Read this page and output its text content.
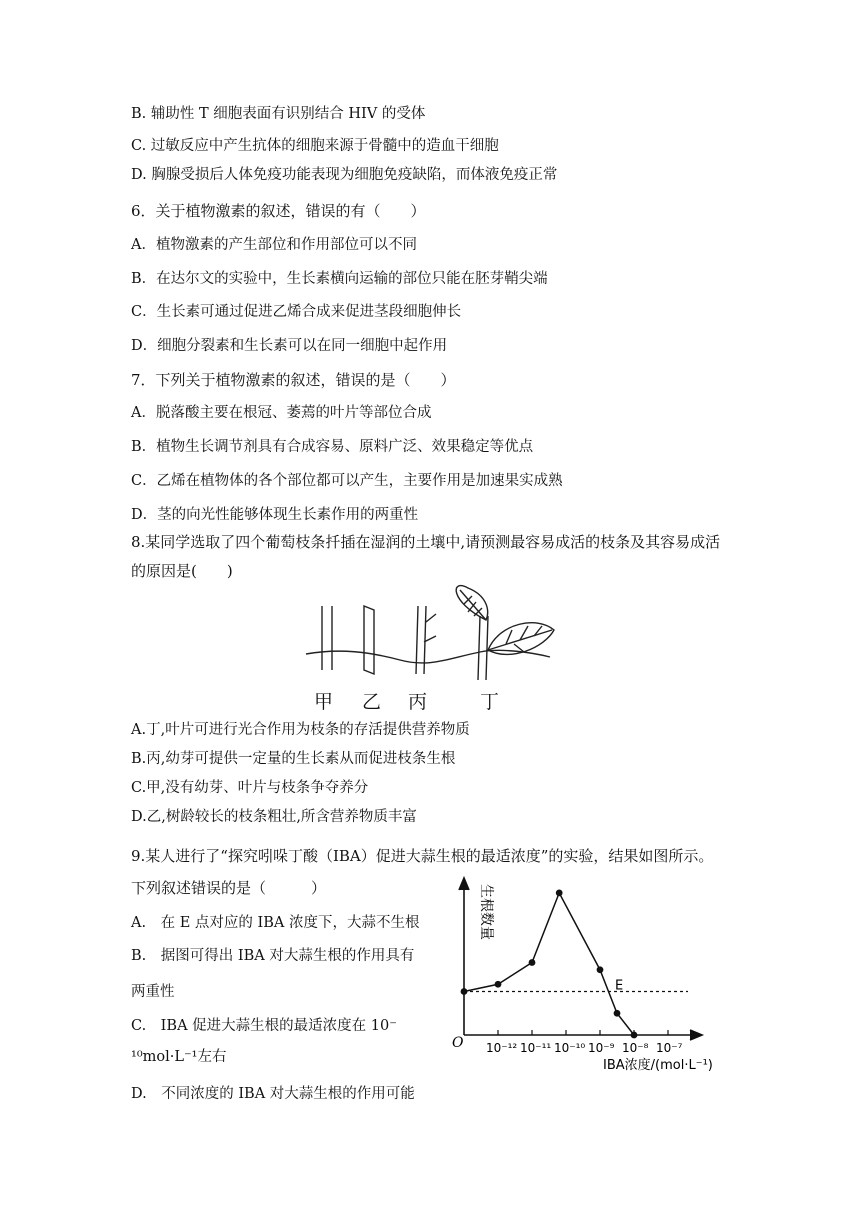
B. 辅助性 T 细胞表面有识别结合 HIV 的受体
C. 过敏反应中产生抗体的细胞来源于骨髓中的造血干细胞
D. 胸腺受损后人体免疫功能表现为细胞免疫缺陷，而体液免疫正常
6．关于植物激素的叙述，错误的有（　　）
A．植物激素的产生部位和作用部位可以不同
B．在达尔文的实验中，生长素横向运输的部位只能在胚芽鞘尖端
C．生长素可通过促进乙烯合成来促进茎段细胞伸长
D．细胞分裂素和生长素可以在同一细胞中起作用
7．下列关于植物激素的叙述，错误的是（　　）
A．脱落酸主要在根冠、萎蔫的叶片等部位合成
B．植物生长调节剂具有合成容易、原料广泛、效果稳定等优点
C．乙烯在植物体的各个部位都可以产生，主要作用是加速果实成熟
D．茎的向光性能够体现生长素作用的两重性
8.某同学选取了四个葡萄枝条扦插在湿润的土壤中,请预测最容易成活的枝条及其容易成活
的原因是(　　)
甲 乙 丙	丁
A.丁,叶片可进行光合作用为枝条的存活提供营养物质
B.丙,幼芽可提供一定量的生长素从而促进枝条生根
C.甲,没有幼芽、叶片与枝条争夺养分
D.乙,树龄较长的枝条粗壮,所含营养物质丰富
9.某人进行了“探究吲哚丁酸（IBA）促进大蒜生根的最适浓度”的实验，结果如图所示。
下列叙述错误的是（　　　）
A.　在 E 点对应的 IBA 浓度下，大蒜不生根
B.　据图可得出 IBA 对大蒜生根的作用具有
两重性
C.　IBA 促进大蒜生根的最适浓度在 10⁻
¹⁰mol·L⁻¹左右
D.　不同浓度的 IBA 对大蒜生根的作用可能
10⁻¹² 10⁻¹¹ 10⁻¹⁰ 10⁻⁹ 10⁻⁸ 10⁻⁷
O
E
IBA浓度/(mol·L⁻¹)
生根数量
